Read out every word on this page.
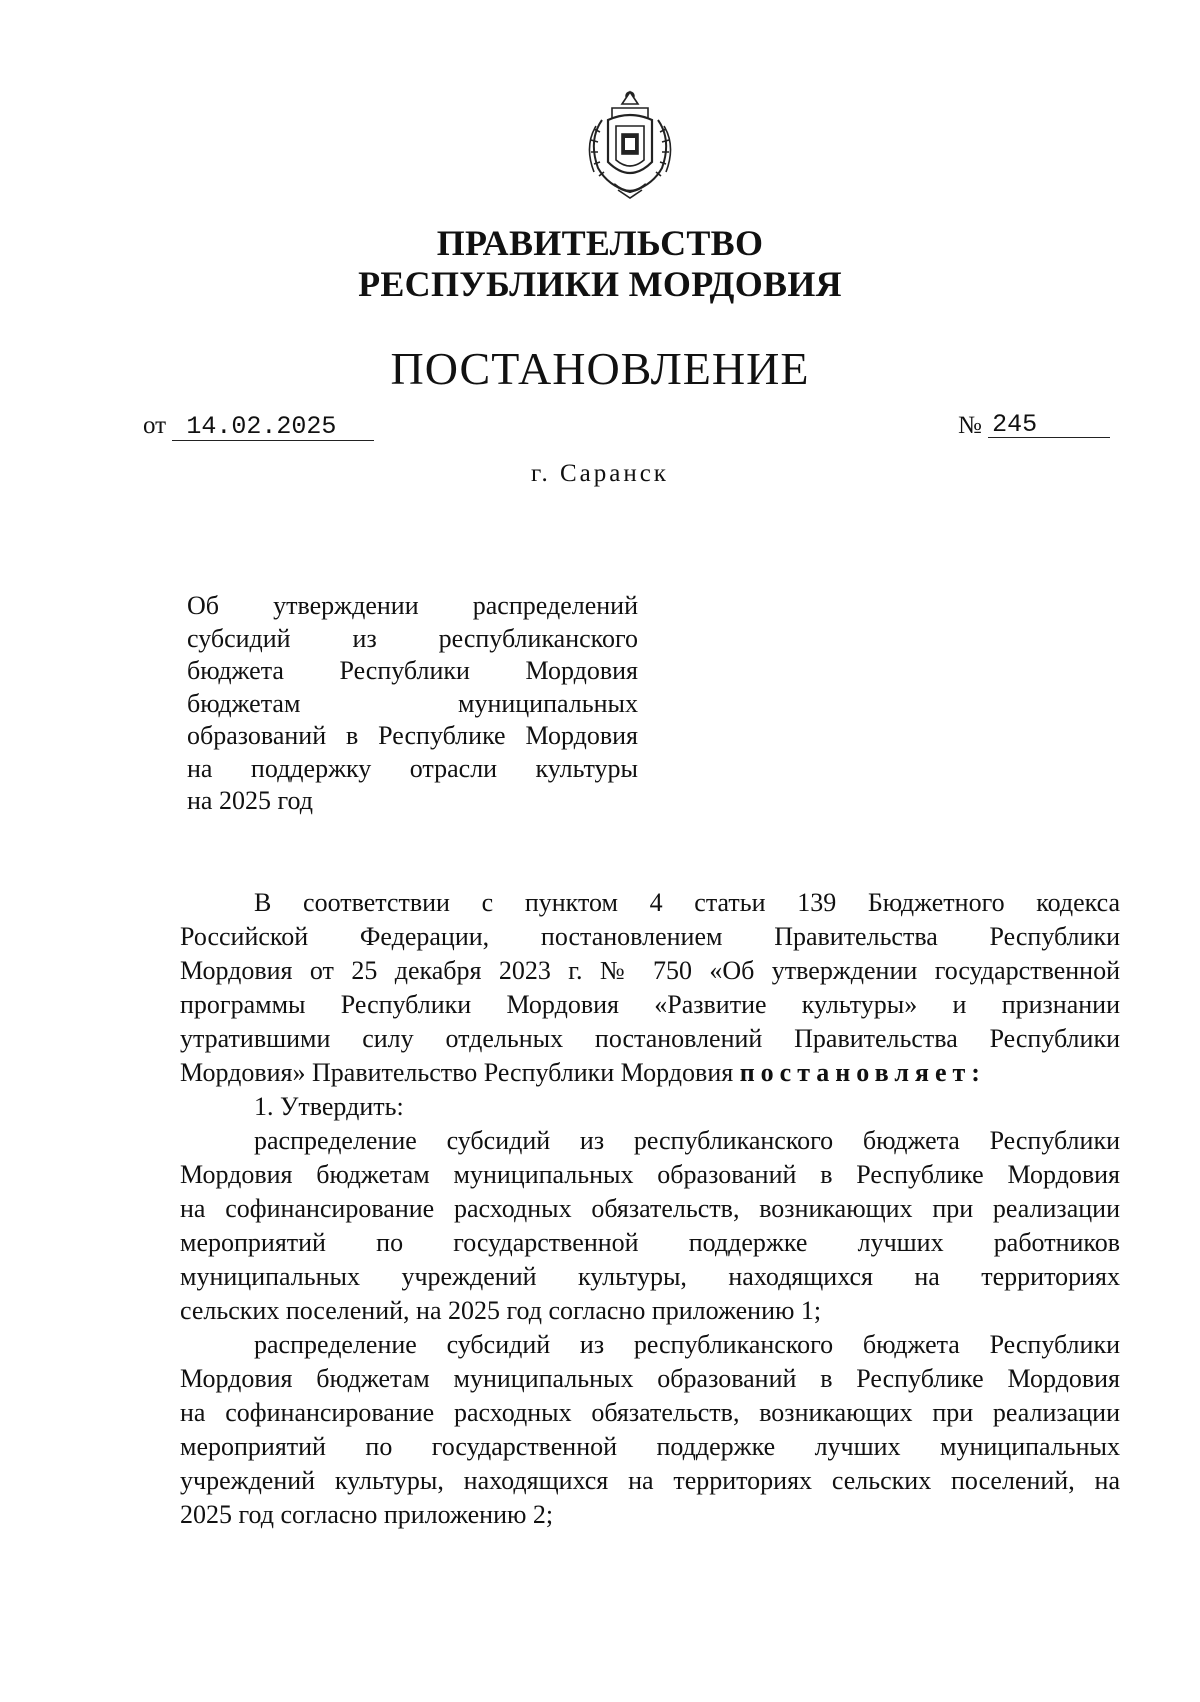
ПРАВИТЕЛЬСТВО
РЕСПУБЛИКИ МОРДОВИЯ
ПОСТАНОВЛЕНИЕ
от 14.02.2025	№ 245
г. Саранск
Об утверждении распределений
субсидий из республиканского
бюджета Республики Мордовия
бюджетам муниципальных
образований в Республике Мордовия
на поддержку отрасли культуры
на 2025 год
В соответствии с пунктом 4 статьи 139 Бюджетного кодекса
Российской Федерации, постановлением Правительства Республики
Мордовия от 25 декабря 2023 г. № 750 «Об утверждении государственной
программы Республики Мордовия «Развитие культуры» и признании
утратившими силу отдельных постановлений Правительства Республики
Мордовия» Правительство Республики Мордовия постановляет:
1. Утвердить:
распределение субсидий из республиканского бюджета Республики
Мордовия бюджетам муниципальных образований в Республике Мордовия
на софинансирование расходных обязательств, возникающих при реализации
мероприятий по государственной поддержке лучших работников
муниципальных учреждений культуры, находящихся на территориях
сельских поселений, на 2025 год согласно приложению 1;
распределение субсидий из республиканского бюджета Республики
Мордовия бюджетам муниципальных образований в Республике Мордовия
на софинансирование расходных обязательств, возникающих при реализации
мероприятий по государственной поддержке лучших муниципальных
учреждений культуры, находящихся на территориях сельских поселений, на
2025 год согласно приложению 2;
